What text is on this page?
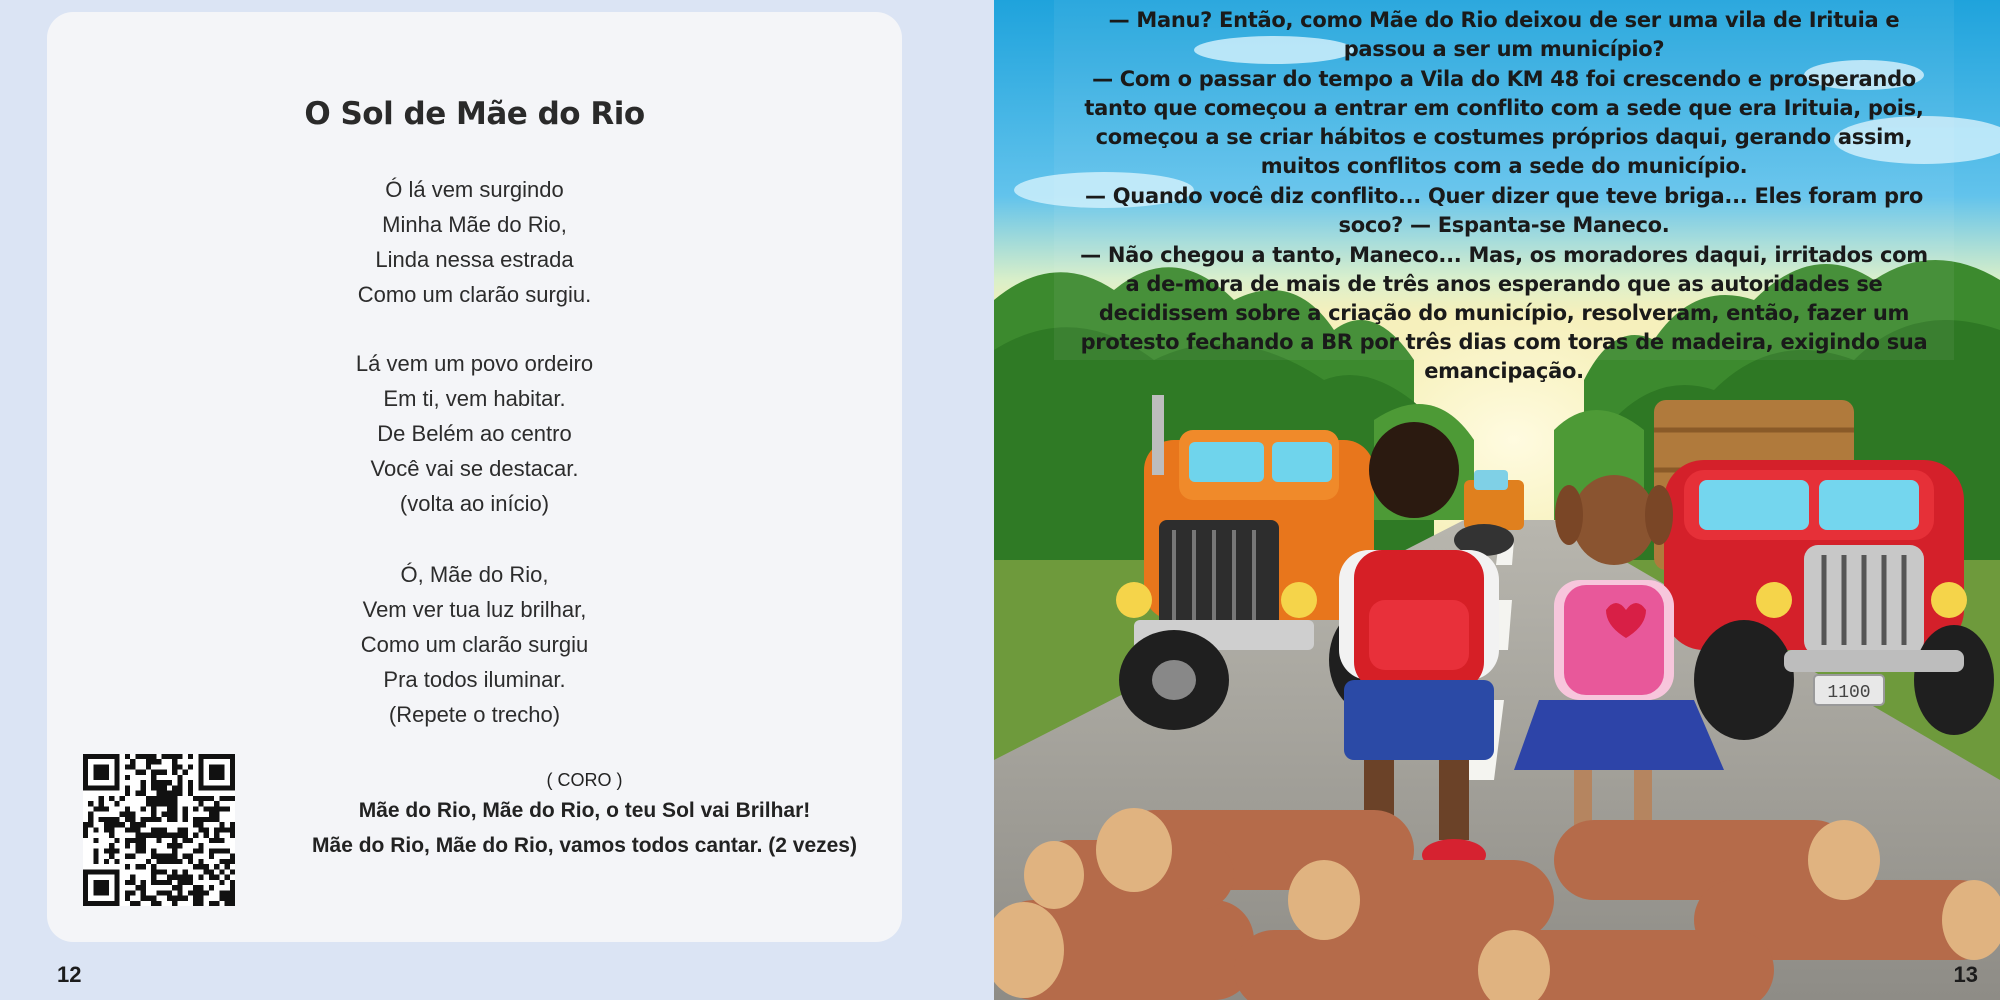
O Sol de Mãe do Rio
Ó lá vem surgindo
Minha Mãe do Rio,
Linda nessa estrada
Como um clarão surgiu.
Lá vem um povo ordeiro
Em ti, vem habitar.
De Belém ao centro
Você vai se destacar.
(volta ao início)
Ó, Mãe do Rio,
Vem ver tua luz brilhar,
Como um clarão surgiu
Pra todos iluminar.
(Repete o trecho)
( CORO )
Mãe do Rio, Mãe do Rio, o teu Sol vai Brilhar!
Mãe do Rio, Mãe do Rio, vamos todos cantar. (2 vezes)
12
1100

— Manu? Então, como Mãe do Rio deixou de ser uma vila de Irituia e passou a ser um município?

— Com o passar do tempo a Vila do KM 48 foi crescendo e prosperando tanto que começou a entrar em conflito com a sede que era Irituia, pois, começou a se criar hábitos e costumes próprios daqui, gerando assim, muitos conflitos com a sede do município.

— Quando você diz conflito... Quer dizer que teve briga... Eles foram pro soco? — Espanta-se Maneco.

— Não chegou a tanto, Maneco... Mas, os moradores daqui, irritados com a de-mora de mais de três anos esperando que as autoridades se decidissem sobre a criação do município, resolveram, então, fazer um protesto fechando a BR por três dias com toras de madeira, exigindo sua emancipação.

13
